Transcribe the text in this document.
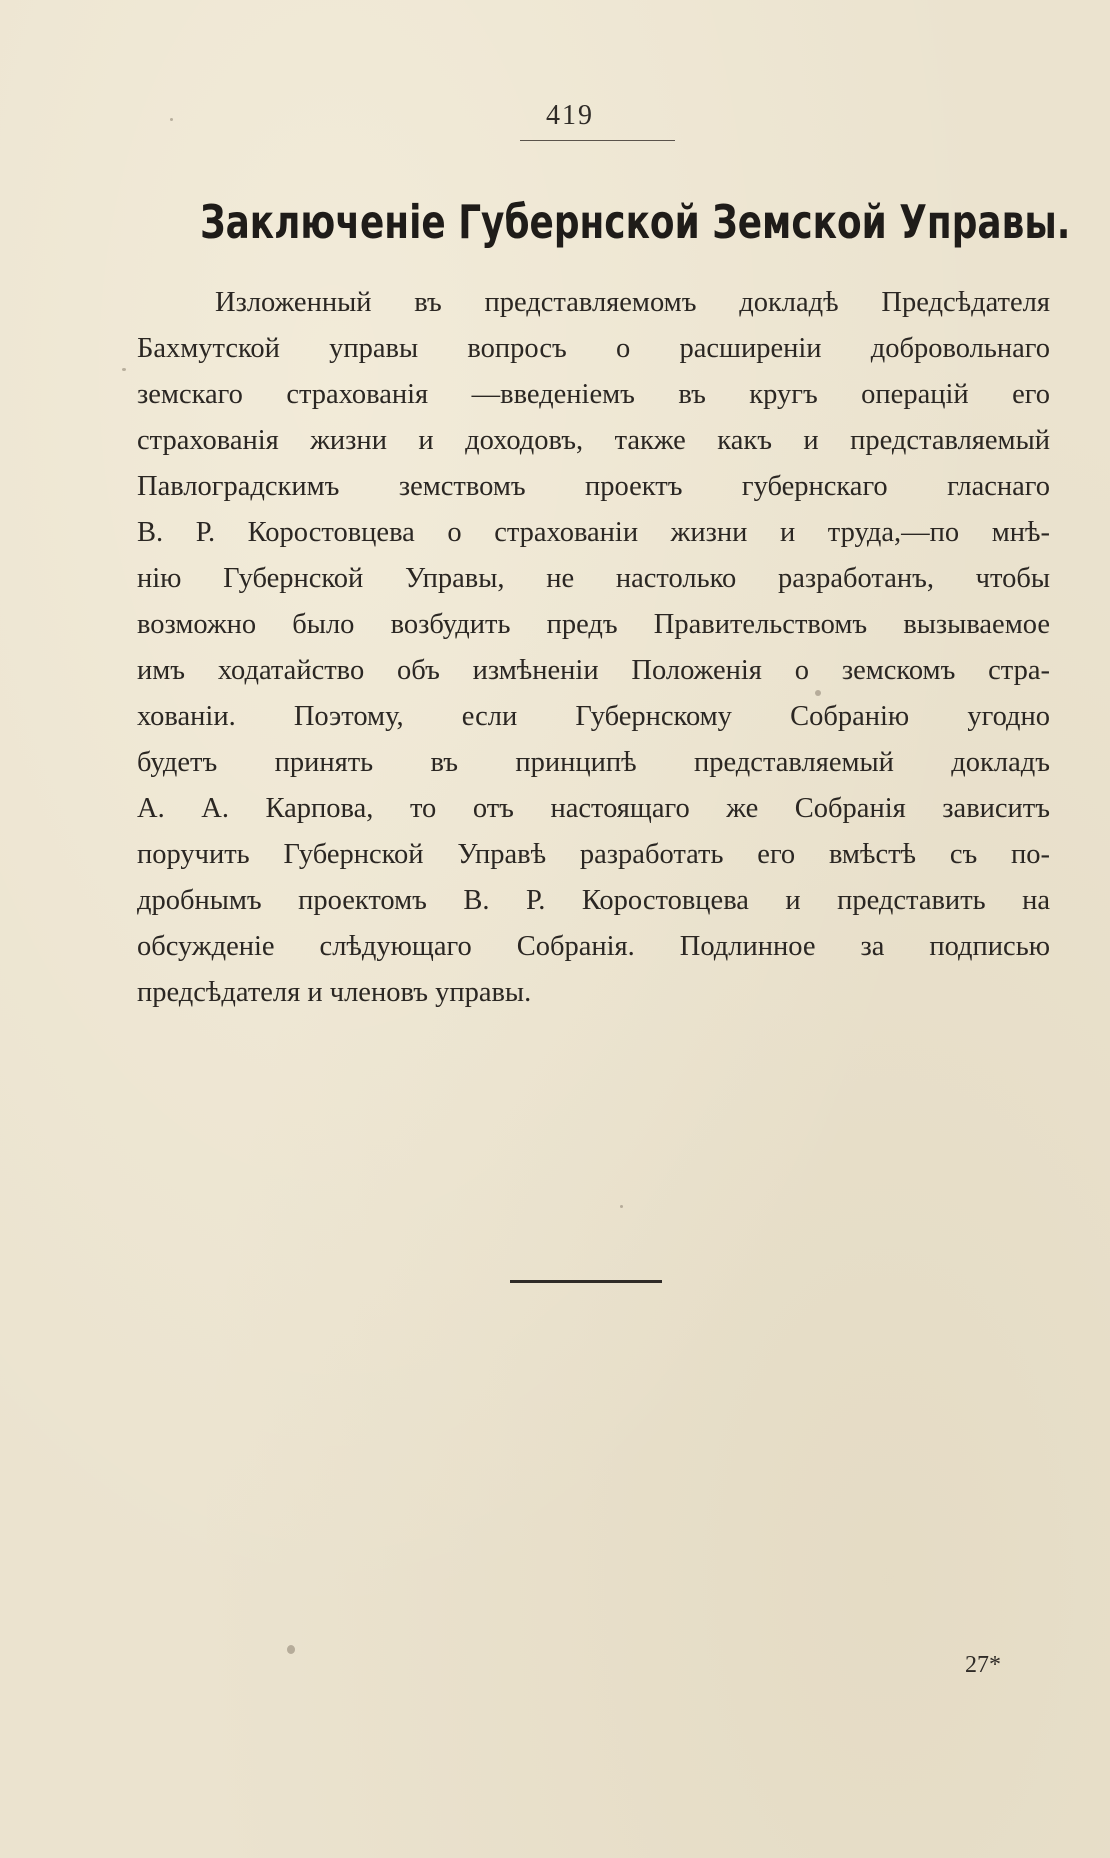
419
Заключеніе Губернской Земской Управы.
Изложенный въ представляемомъ докладѣ Предсѣдателя
Бахмутской управы вопросъ о расширеніи добровольнаго
земскаго страхованія —введеніемъ въ кругъ операцій его
страхованія жизни и доходовъ, также какъ и представляемый
Павлоградскимъ земствомъ проектъ губернскаго гласнаго
В. Р. Коростовцева о страхованіи жизни и труда,—по мнѣ-
нію Губернской Управы, не настолько разработанъ, чтобы
возможно было возбудить предъ Правительствомъ вызываемое
имъ ходатайство объ измѣненіи Положенія о земскомъ стра-
хованіи. Поэтому, если Губернскому Собранію угодно
будетъ принять въ принципѣ представляемый докладъ
А. А. Карпова, то отъ настоящаго же Собранія зависитъ
поручить Губернской Управѣ разработать его вмѣстѣ съ по-
дробнымъ проектомъ В. Р. Коростовцева и представить на
обсужденіе слѣдующаго Собранія. Подлинное за подписью
предсѣдателя и членовъ управы.
27*
